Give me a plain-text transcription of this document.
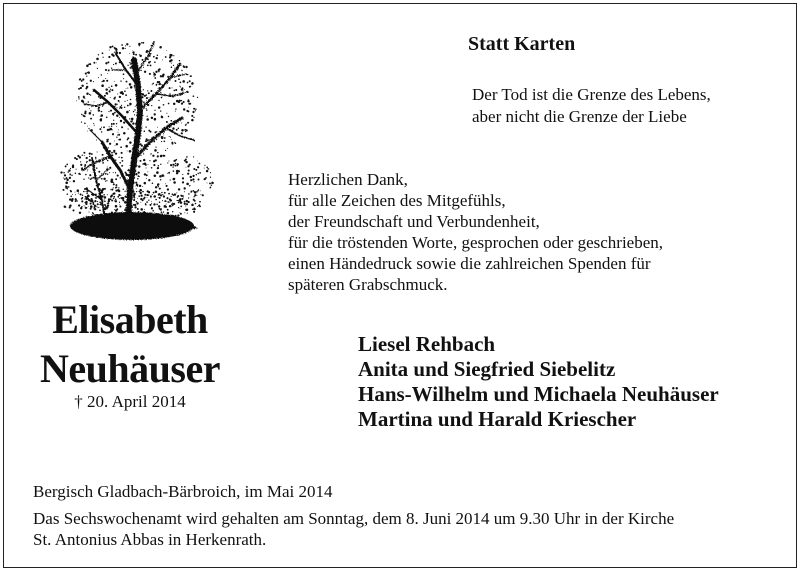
Statt Karten
Der Tod ist die Grenze des Lebens,
aber nicht die Grenze der Liebe
Elisabeth
Neuhäuser
† 20. April 2014
Herzlichen Dank,
für alle Zeichen des Mitgefühls,
der Freundschaft und Verbundenheit,
für die tröstenden Worte, gesprochen oder geschrieben,
einen Händedruck sowie die zahlreichen Spenden für
späteren Grabschmuck.
Liesel Rehbach
Anita und Siegfried Siebelitz
Hans-Wilhelm und Michaela Neuhäuser
Martina und Harald Kriescher
Bergisch Gladbach-Bärbroich, im Mai 2014
Das Sechswochenamt wird gehalten am Sonntag, dem 8. Juni 2014 um 9.30 Uhr in der Kirche
St. Antonius Abbas in Herkenrath.
